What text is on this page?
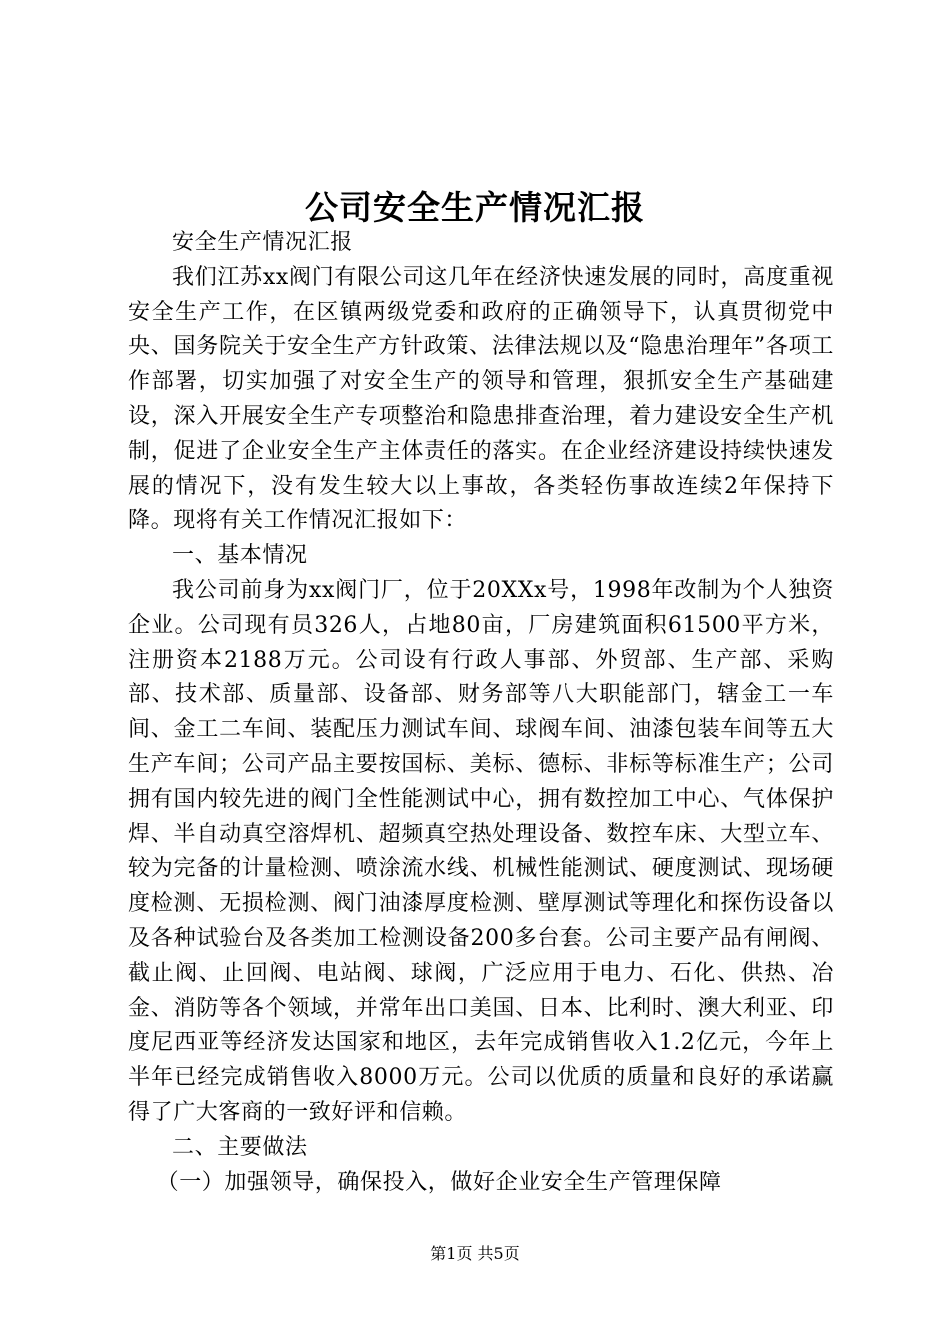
公司安全生产情况汇报

安全生产情况汇报

我们江苏xx阀门有限公司这几年在经济快速发展的同时，高度重视安全生产工作，在区镇两级党委和政府的正确领导下，认真贯彻党中央、国务院关于安全生产方针政策、法律法规以及“隐患治理年”各项工作部署，切实加强了对安全生产的领导和管理，狠抓安全生产基础建设，深入开展安全生产专项整治和隐患排查治理，着力建设安全生产机制，促进了企业安全生产主体责任的落实。在企业经济建设持续快速发展的情况下，没有发生较大以上事故，各类轻伤事故连续2年保持下降。现将有关工作情况汇报如下：

一、基本情况

我公司前身为xx阀门厂，位于20XXx号，1998年改制为个人独资企业。公司现有员326人，占地80亩，厂房建筑面积61500平方米，注册资本2188万元。公司设有行政人事部、外贸部、生产部、采购部、技术部、质量部、设备部、财务部等八大职能部门，辖金工一车间、金工二车间、装配压力测试车间、球阀车间、油漆包装车间等五大生产车间；公司产品主要按国标、美标、德标、非标等标准生产；公司拥有国内较先进的阀门全性能测试中心，拥有数控加工中心、气体保护焊、半自动真空溶焊机、超频真空热处理设备、数控车床、大型立车、较为完备的计量检测、喷涂流水线、机械性能测试、硬度测试、现场硬度检测、无损检测、阀门油漆厚度检测、壁厚测试等理化和探伤设备以及各种试验台及各类加工检测设备200多台套。公司主要产品有闸阀、截止阀、止回阀、电站阀、球阀，广泛应用于电力、石化、供热、冶金、消防等各个领域，并常年出口美国、日本、比利时、澳大利亚、印度尼西亚等经济发达国家和地区，去年完成销售收入1.2亿元，今年上半年已经完成销售收入8000万元。公司以优质的质量和良好的承诺赢得了广大客商的一致好评和信赖。

二、主要做法

（一）加强领导，确保投入，做好企业安全生产管理保障

第1页 共5页
